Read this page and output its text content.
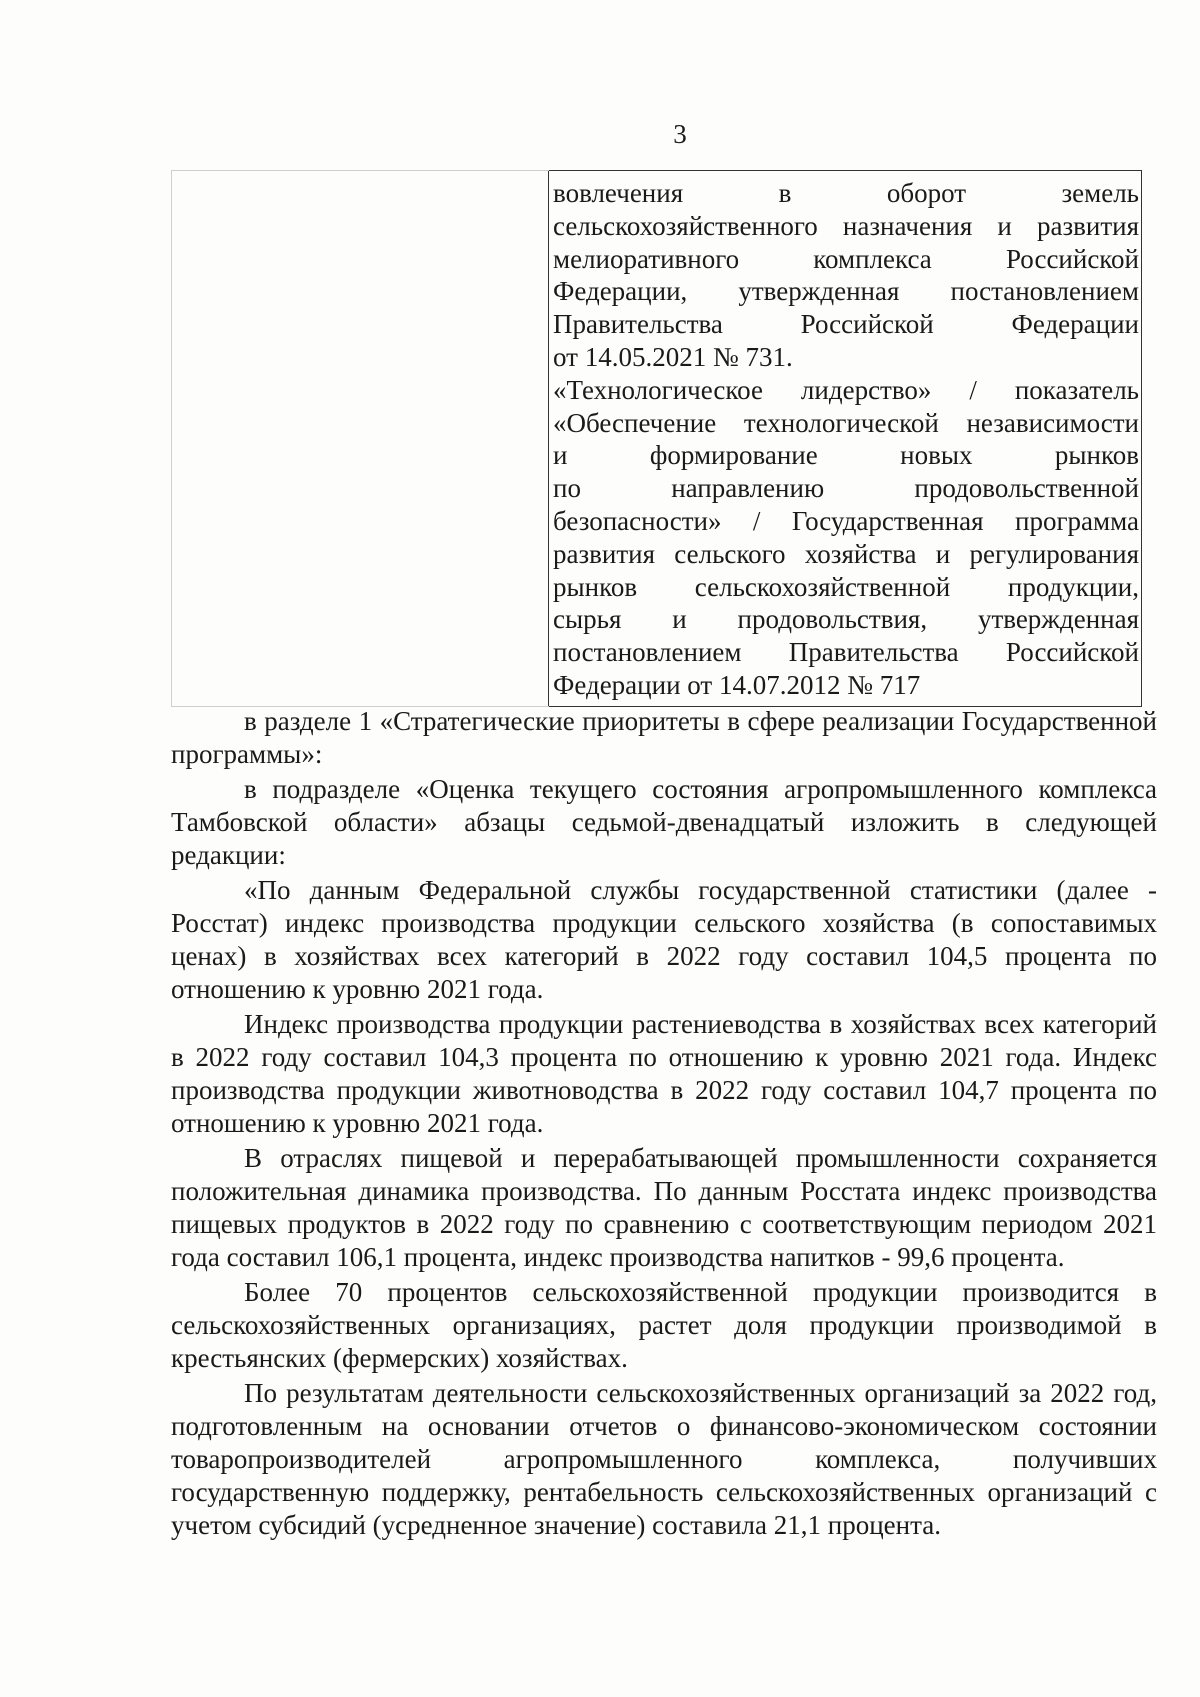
3

вовлечения в оборот земель
сельскохозяйственного назначения и развития
мелиоративного комплекса Российской
Федерации, утвержденная постановлением
Правительства Российской Федерации
от 14.05.2021 № 731.
«Технологическое лидерство» / показатель
«Обеспечение технологической независимости
и формирование новых рынков
по направлению продовольственной
безопасности» / Государственная программа
развития сельского хозяйства и регулирования
рынков сельскохозяйственной продукции,
сырья и продовольствия, утвержденная
постановлением Правительства Российской
Федерации от 14.07.2012 № 717

в разделе 1 «Стратегические приоритеты в сфере реализации Государственной программы»:

в подразделе «Оценка текущего состояния агропромышленного комплекса Тамбовской области» абзацы седьмой-двенадцатый изложить в следующей редакции:

«По данным Федеральной службы государственной статистики (далее - Росстат) индекс производства продукции сельского хозяйства (в сопоставимых ценах) в хозяйствах всех категорий в 2022 году составил 104,5 процента по отношению к уровню 2021 года.

Индекс производства продукции растениеводства в хозяйствах всех категорий в 2022 году составил 104,3 процента по отношению к уровню 2021 года. Индекс производства продукции животноводства в 2022 году составил 104,7 процента по отношению к уровню 2021 года.

В отраслях пищевой и перерабатывающей промышленности сохраняется положительная динамика производства. По данным Росстата индекс производства пищевых продуктов в 2022 году по сравнению с соответствующим периодом 2021 года составил 106,1 процента, индекс производства напитков - 99,6 процента.

Более 70 процентов сельскохозяйственной продукции производится в сельскохозяйственных организациях, растет доля продукции производимой в крестьянских (фермерских) хозяйствах.

По результатам деятельности сельскохозяйственных организаций за 2022 год, подготовленным на основании отчетов о финансово-экономическом состоянии товаропроизводителей агропромышленного комплекса, получивших государственную поддержку, рентабельность сельскохозяйственных организаций с учетом субсидий (усредненное значение) составила 21,1 процента.
